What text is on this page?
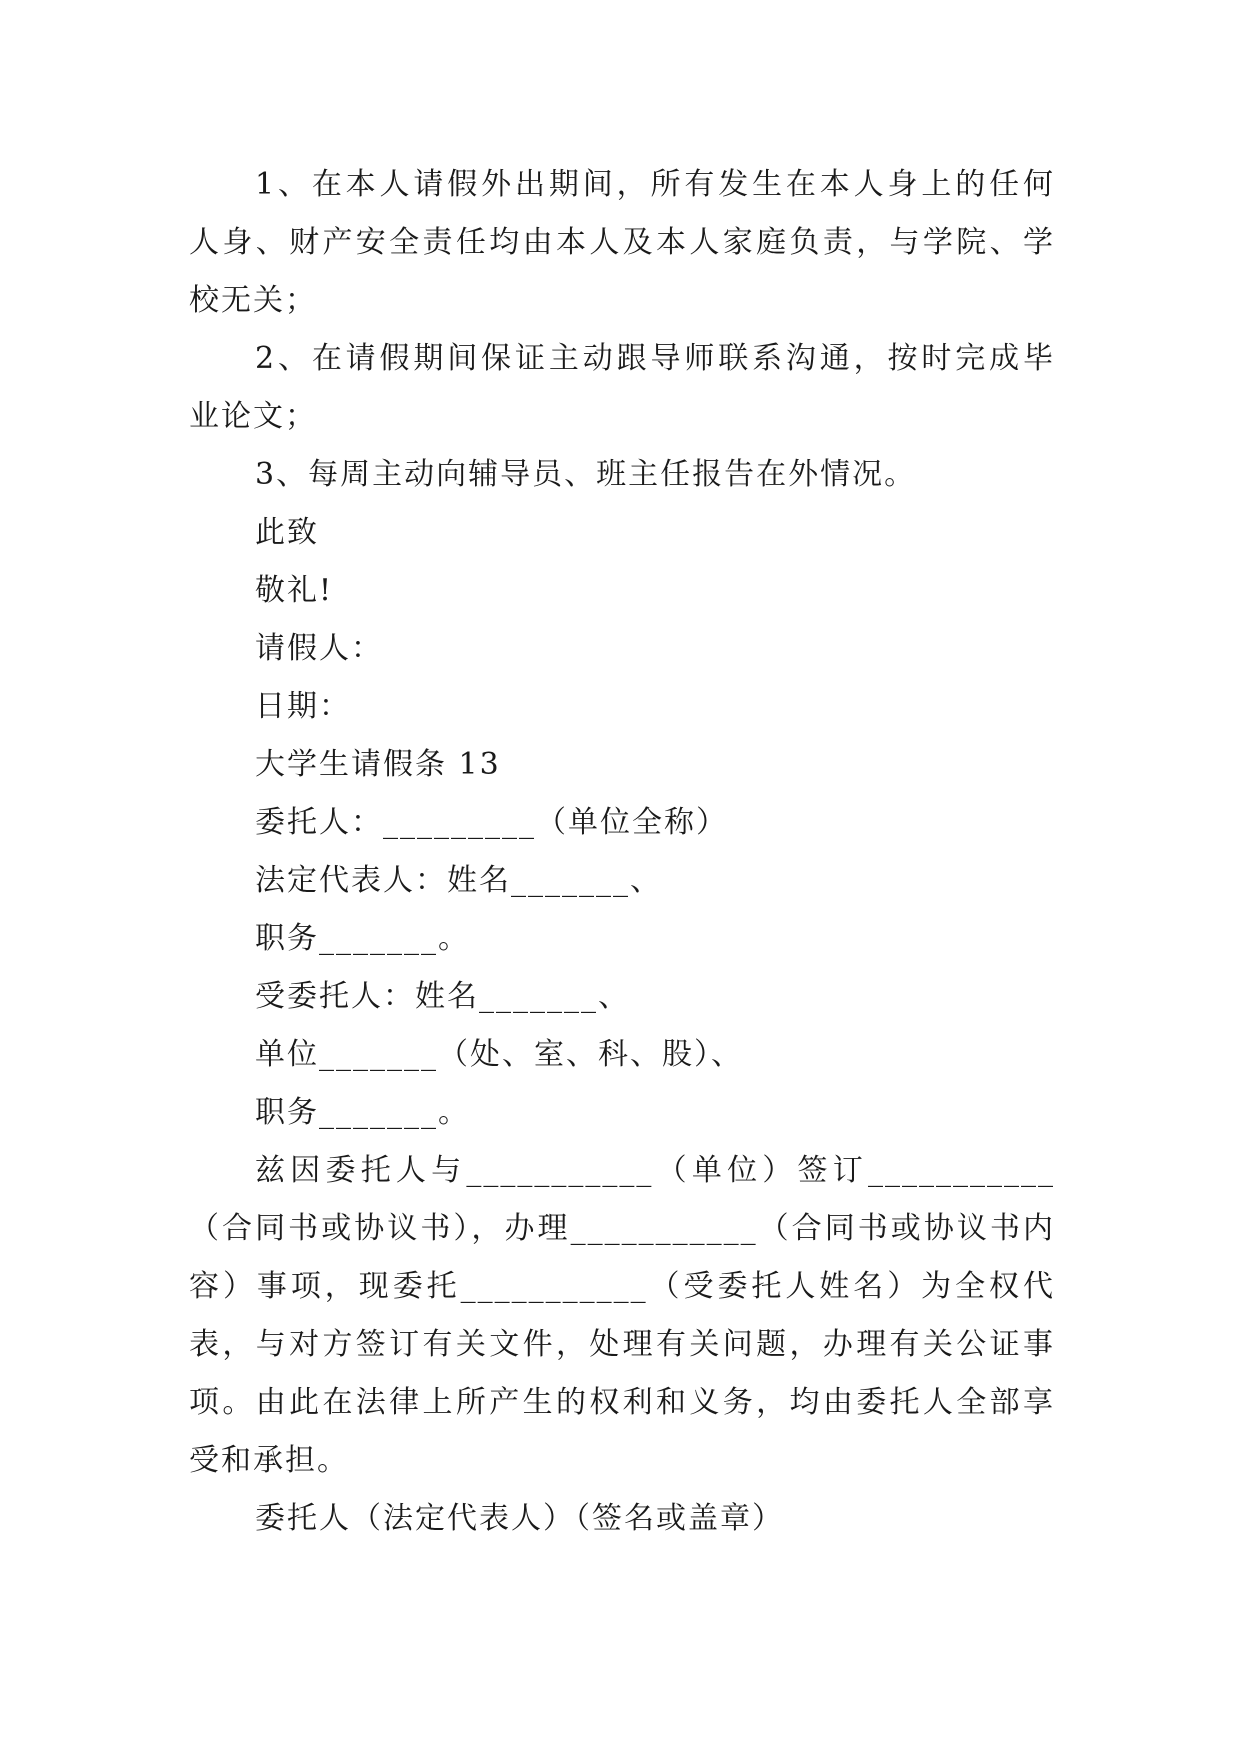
1、在本人请假外出期间，所有发生在本人身上的任何
人身、财产安全责任均由本人及本人家庭负责，与学院、学
校无关；
2、在请假期间保证主动跟导师联系沟通，按时完成毕
业论文；
3、每周主动向辅导员、班主任报告在外情况。
此致
敬礼!
请假人：
日期：
大学生请假条 13
委托人：_________（单位全称）
法定代表人：姓名_______、
职务_______。
受委托人：姓名_______、
单位_______（处、室、科、股）、
职务_______。
兹因委托人与___________（单位）签订___________
（合同书或协议书），办理___________（合同书或协议书内
容）事项，现委托___________（受委托人姓名）为全权代
表，与对方签订有关文件，处理有关问题，办理有关公证事
项。由此在法律上所产生的权利和义务，均由委托人全部享
受和承担。
委托人（法定代表人）（签名或盖章）
